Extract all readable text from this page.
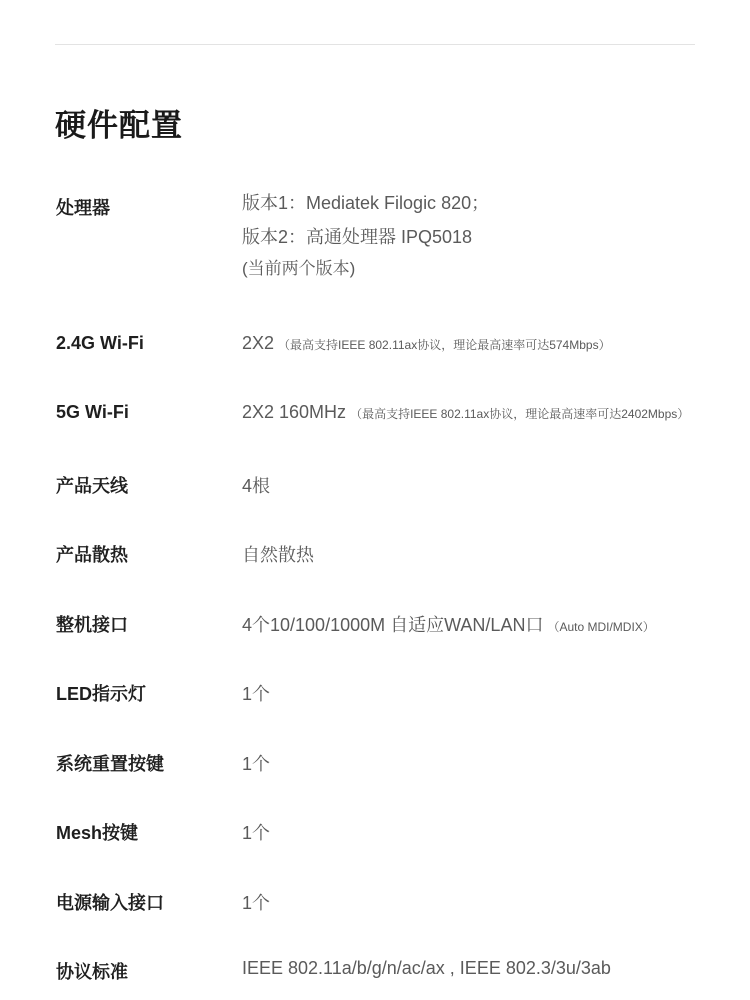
硬件配置
处理器	版本1：Mediatek Filogic 820；
版本2：高通处理器 IPQ5018
(当前两个版本)
2.4G Wi-Fi	2X2 （最高支持IEEE 802.11ax协议，理论最高速率可达574Mbps）
5G Wi-Fi	2X2 160MHz （最高支持IEEE 802.11ax协议，理论最高速率可达2402Mbps）
产品天线	4根
产品散热	自然散热
整机接口	4个10/100/1000M 自适应WAN/LAN口 （Auto MDI/MDIX）
LED指示灯	1个
系统重置按键	1个
Mesh按键	1个
电源输入接口	1个
协议标准	IEEE 802.11a/b/g/n/ac/ax , IEEE 802.3/3u/3ab
